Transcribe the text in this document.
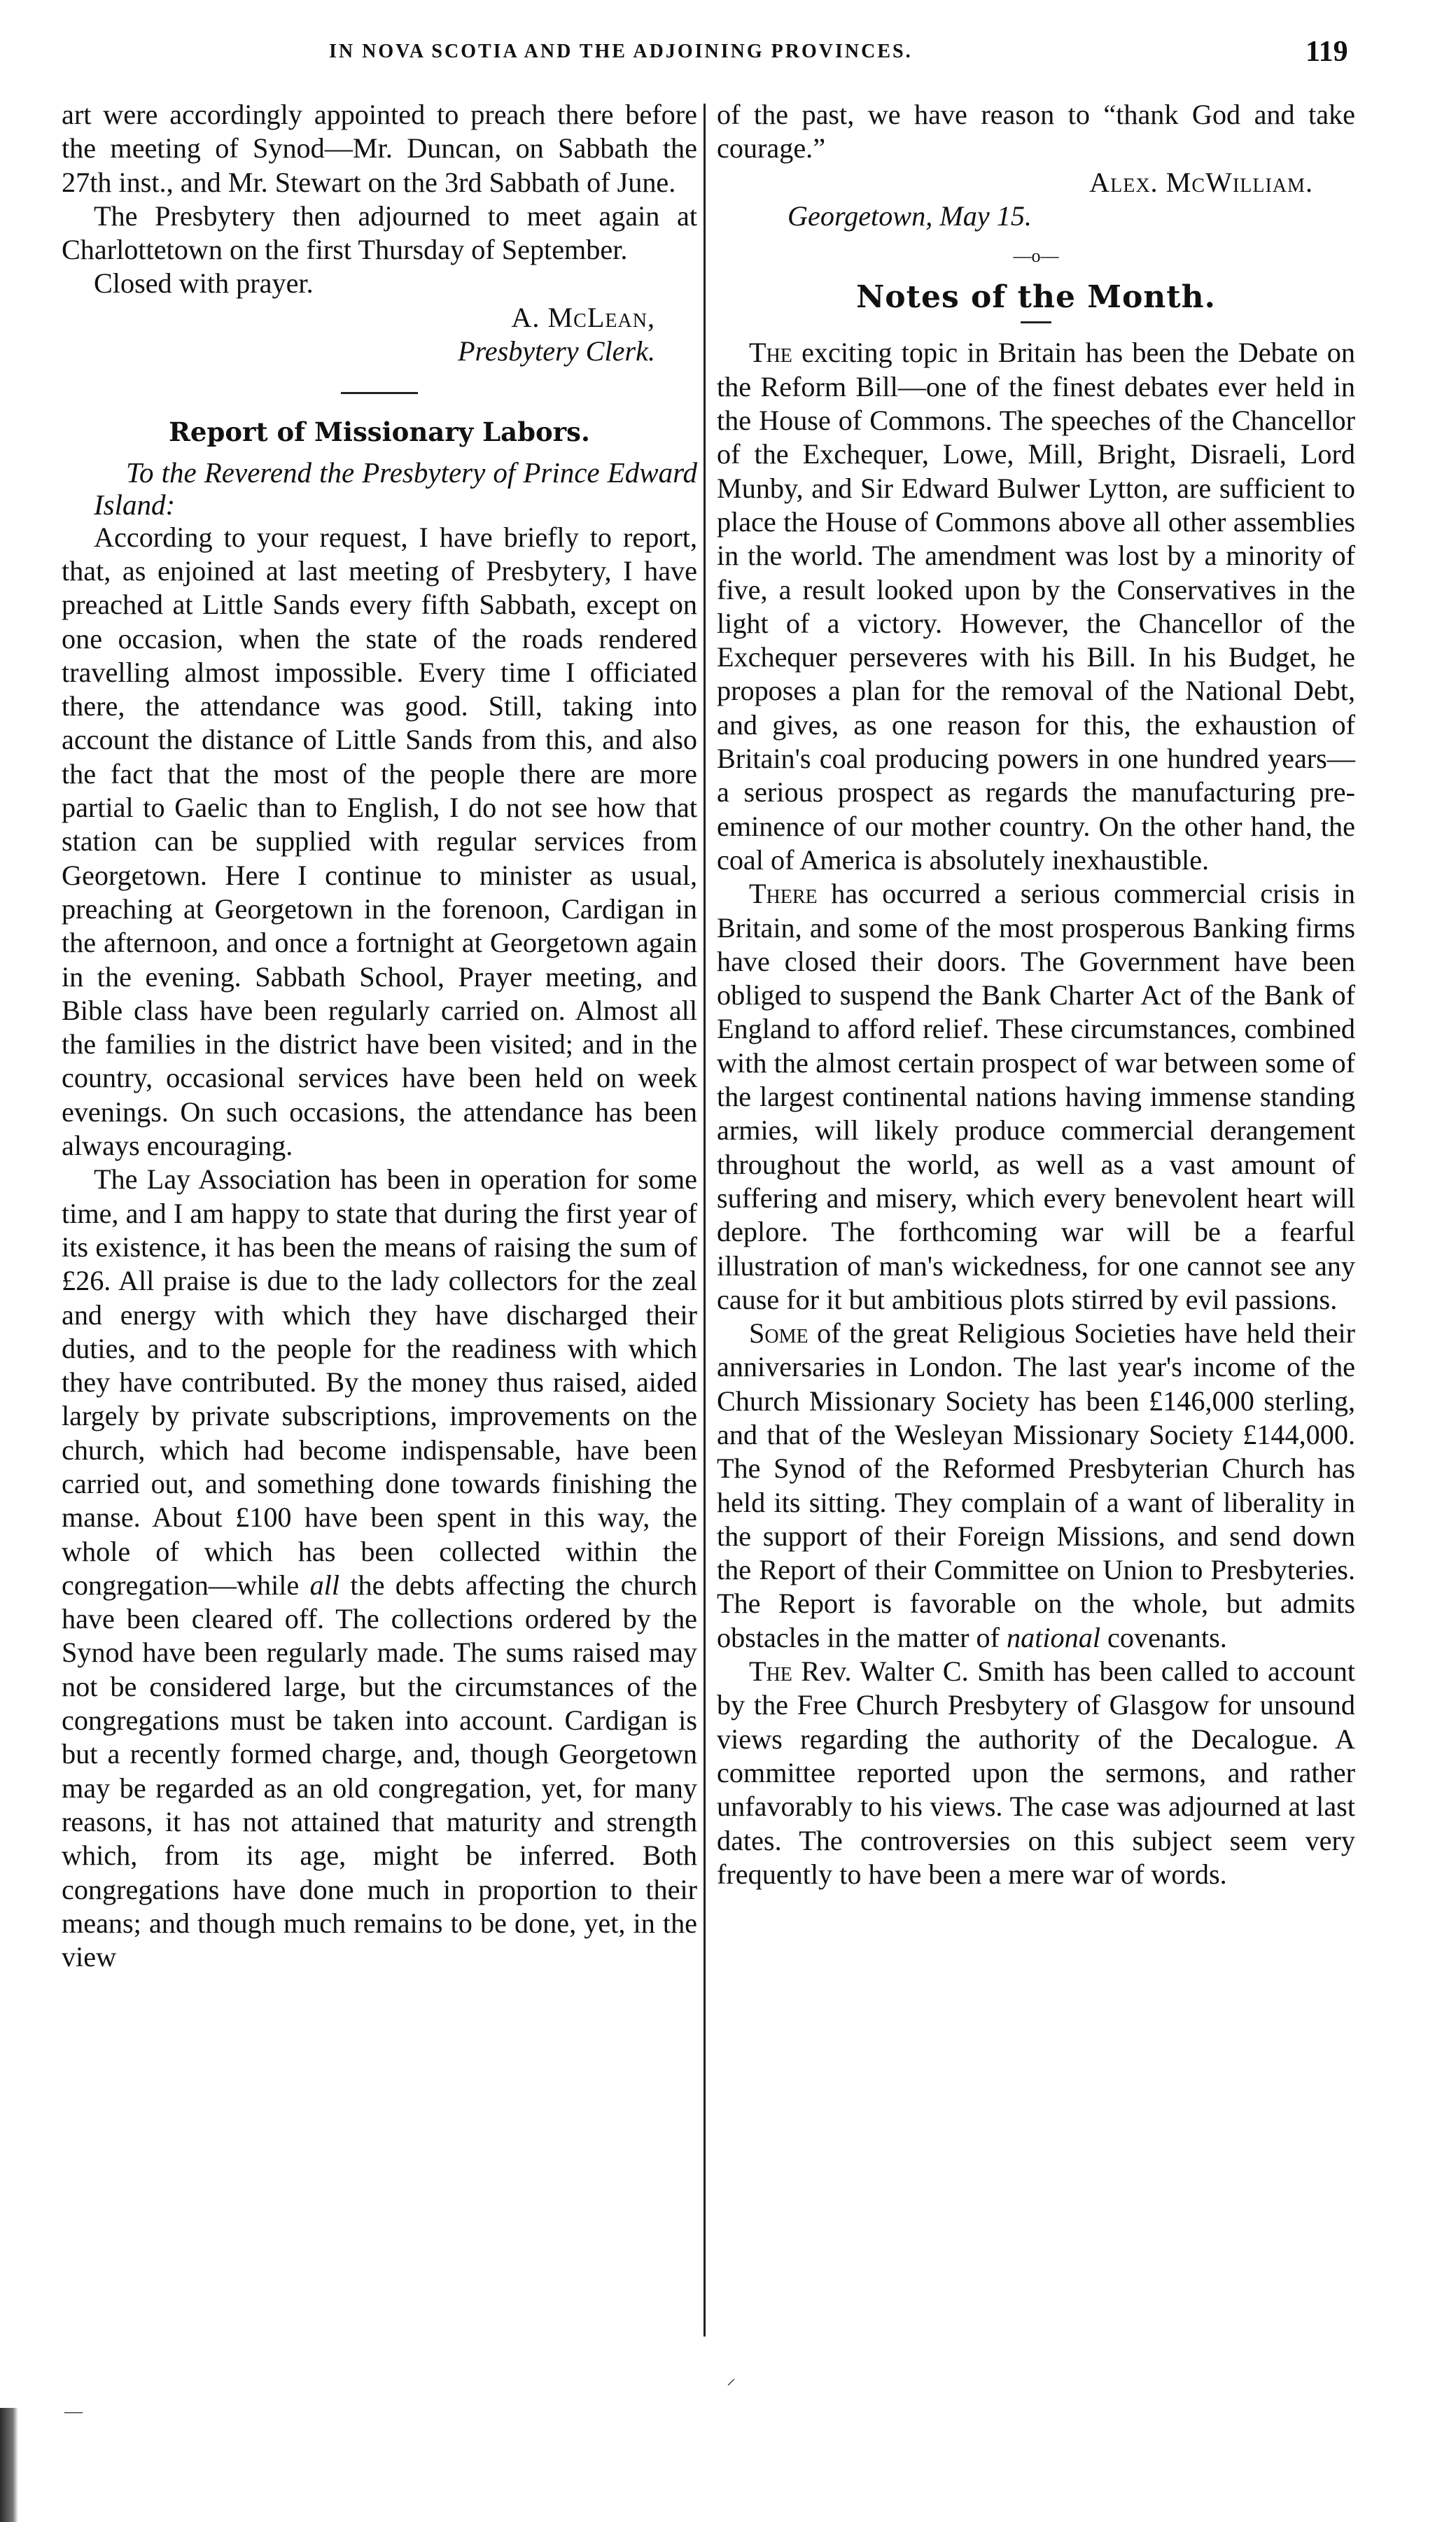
IN NOVA SCOTIA AND THE ADJOINING PROVINCES.	119

art were accordingly appointed to preach there before the meeting of Synod—Mr. Duncan, on Sabbath the 27th inst., and Mr. Stewart on the 3rd Sabbath of June.

The Presbytery then adjourned to meet again at Charlottetown on the first Thursday of September.

Closed with prayer.

A. McLean,

Presbytery Clerk.

Report of Missionary Labors.

To the Reverend the Presbytery of Prince Edward Island:

According to your request, I have briefly to report, that, as enjoined at last meeting of Presbytery, I have preached at Little Sands every fifth Sabbath, except on one occasion, when the state of the roads rendered travelling almost impossible. Every time I officiated there, the attendance was good. Still, taking into account the distance of Little Sands from this, and also the fact that the most of the people there are more partial to Gaelic than to English, I do not see how that station can be supplied with regular services from Georgetown. Here I continue to minister as usual, preaching at Georgetown in the forenoon, Cardigan in the afternoon, and once a fortnight at Georgetown again in the evening. Sabbath School, Prayer meeting, and Bible class have been regularly carried on. Almost all the families in the district have been visited; and in the country, occasional services have been held on week evenings. On such occasions, the attendance has been always encouraging.

The Lay Association has been in operation for some time, and I am happy to state that during the first year of its existence, it has been the means of raising the sum of £26. All praise is due to the lady collectors for the zeal and energy with which they have discharged their duties, and to the people for the readiness with which they have contributed. By the money thus raised, aided largely by private subscriptions, improvements on the church, which had become indispensable, have been carried out, and something done towards finishing the manse. About £100 have been spent in this way, the whole of which has been collected within the congregation—while all the debts affecting the church have been cleared off. The collections ordered by the Synod have been regularly made. The sums raised may not be considered large, but the circumstances of the congregations must be taken into account. Cardigan is but a recently formed charge, and, though Georgetown may be regarded as an old congregation, yet, for many reasons, it has not attained that maturity and strength which, from its age, might be inferred. Both congregations have done much in proportion to their means; and though much remains to be done, yet, in the view

of the past, we have reason to “thank God and take courage.”

Alex. McWilliam.

Georgetown, May 15.

—o—
Notes of the Month.

The exciting topic in Britain has been the Debate on the Reform Bill—one of the finest debates ever held in the House of Commons. The speeches of the Chancellor of the Exchequer, Lowe, Mill, Bright, Disraeli, Lord Munby, and Sir Edward Bulwer Lytton, are sufficient to place the House of Commons above all other assemblies in the world. The amendment was lost by a minority of five, a result looked upon by the Conservatives in the light of a victory. However, the Chancellor of the Exchequer perseveres with his Bill. In his Budget, he proposes a plan for the removal of the National Debt, and gives, as one reason for this, the exhaustion of Britain's coal producing powers in one hundred years—a serious prospect as regards the manufacturing pre-eminence of our mother country. On the other hand, the coal of America is absolutely inexhaustible.

There has occurred a serious commercial crisis in Britain, and some of the most prosperous Banking firms have closed their doors. The Government have been obliged to suspend the Bank Charter Act of the Bank of England to afford relief. These circumstances, combined with the almost certain prospect of war between some of the largest continental nations having immense standing armies, will likely produce commercial derangement throughout the world, as well as a vast amount of suffering and misery, which every benevolent heart will deplore. The forthcoming war will be a fearful illustration of man's wickedness, for one cannot see any cause for it but ambitious plots stirred by evil passions.

Some of the great Religious Societies have held their anniversaries in London. The last year's income of the Church Missionary Society has been £146,000 sterling, and that of the Wesleyan Missionary Society £144,000. The Synod of the Reformed Presbyterian Church has held its sitting. They complain of a want of liberality in the support of their Foreign Missions, and send down the Report of their Committee on Union to Presbyteries. The Report is favorable on the whole, but admits obstacles in the matter of national covenants.

The Rev. Walter C. Smith has been called to account by the Free Church Presbytery of Glasgow for unsound views regarding the authority of the Decalogue. A committee reported upon the sermons, and rather unfavorably to his views. The case was adjourned at last dates. The controversies on this subject seem very frequently to have been a mere war of words.

⸝
—
